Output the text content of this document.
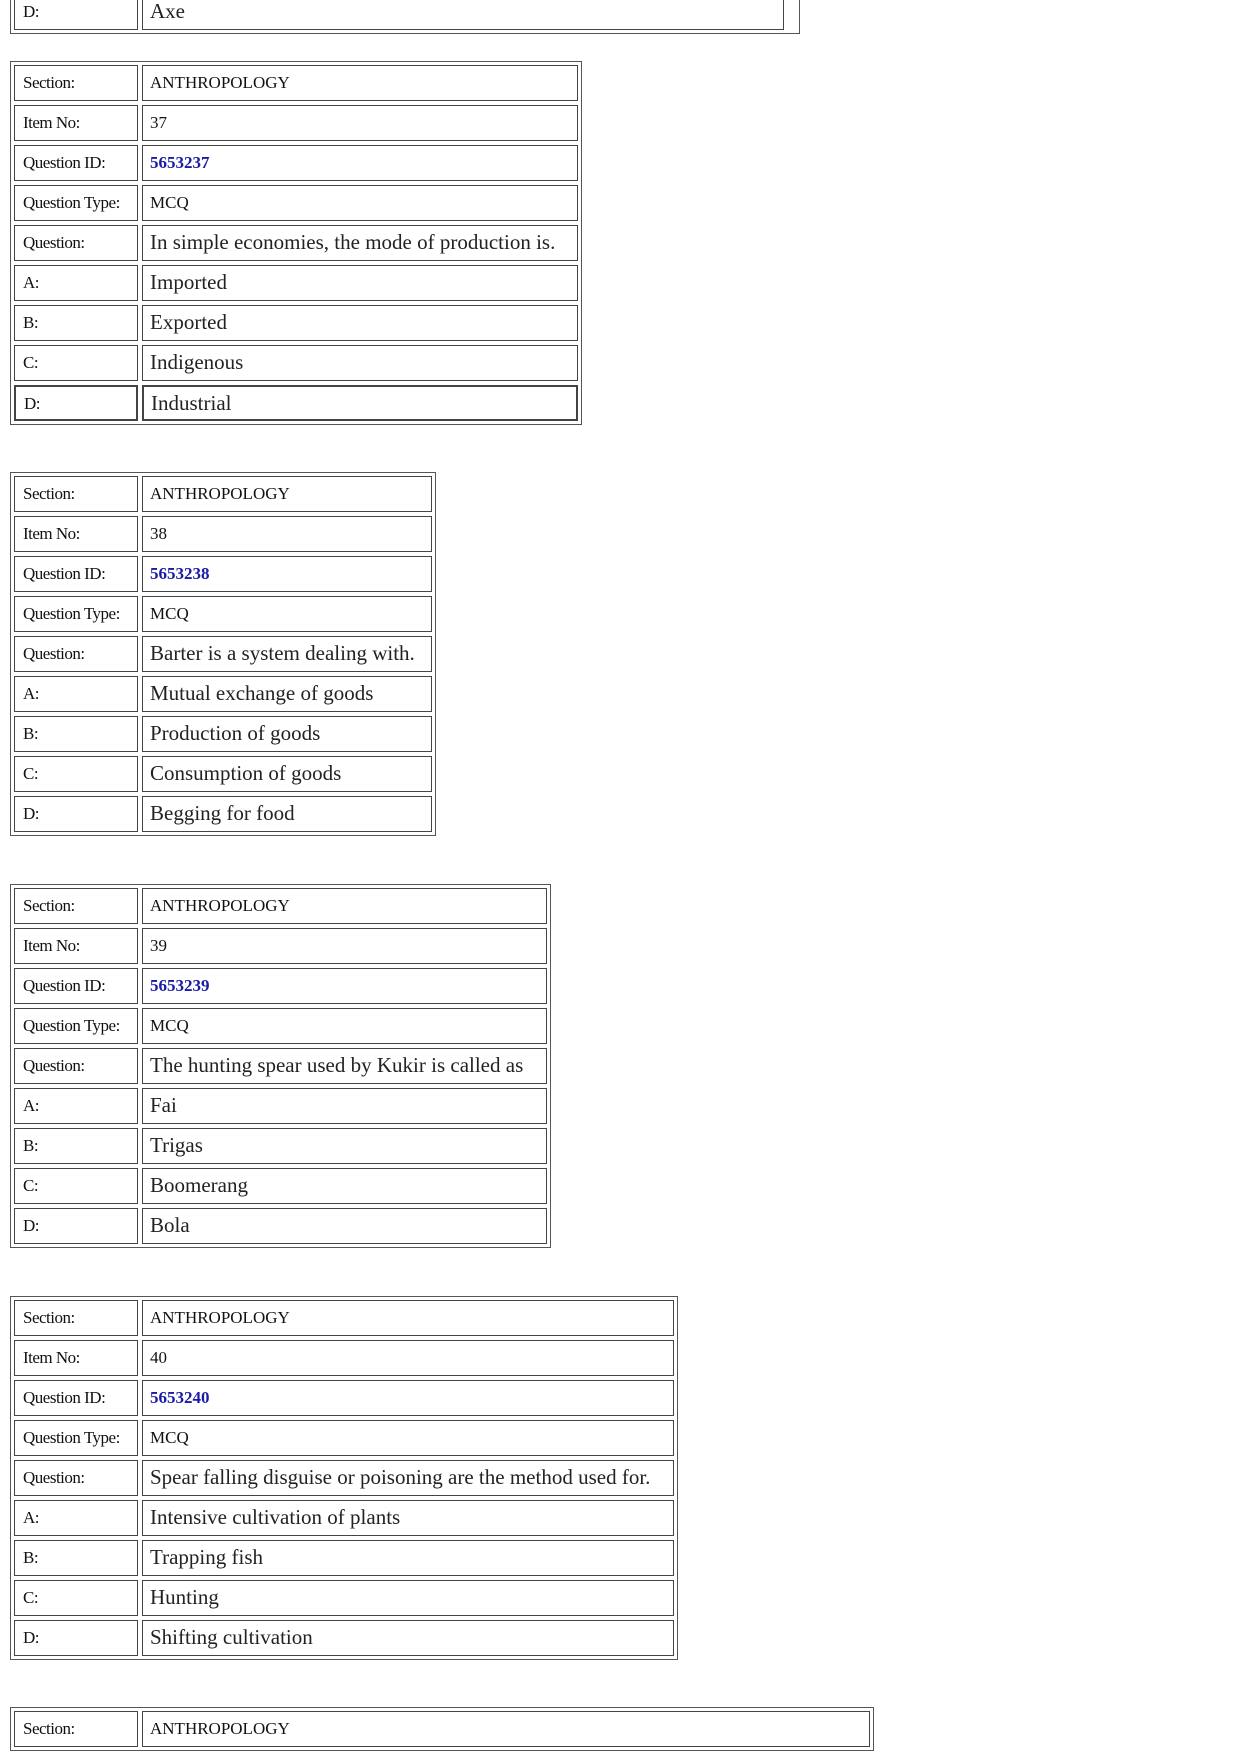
D:	Axe
Section:	ANTHROPOLOGY
Item No:	37
Question ID:	5653237
Question Type:	MCQ
Question:	In simple economies, the mode of production is.
A:	Imported
B:	Exported
C:	Indigenous
D:	Industrial
Section:	ANTHROPOLOGY
Item No:	38
Question ID:	5653238
Question Type:	MCQ
Question:	Barter is a system dealing with.
A:	Mutual exchange of goods
B:	Production of goods
C:	Consumption of goods
D:	Begging for food
Section:	ANTHROPOLOGY
Item No:	39
Question ID:	5653239
Question Type:	MCQ
Question:	The hunting spear used by Kukir is called as
A:	Fai
B:	Trigas
C:	Boomerang
D:	Bola
Section:	ANTHROPOLOGY
Item No:	40
Question ID:	5653240
Question Type:	MCQ
Question:	Spear falling disguise or poisoning are the method used for.
A:	Intensive cultivation of plants
B:	Trapping fish
C:	Hunting
D:	Shifting cultivation
Section:	ANTHROPOLOGY
